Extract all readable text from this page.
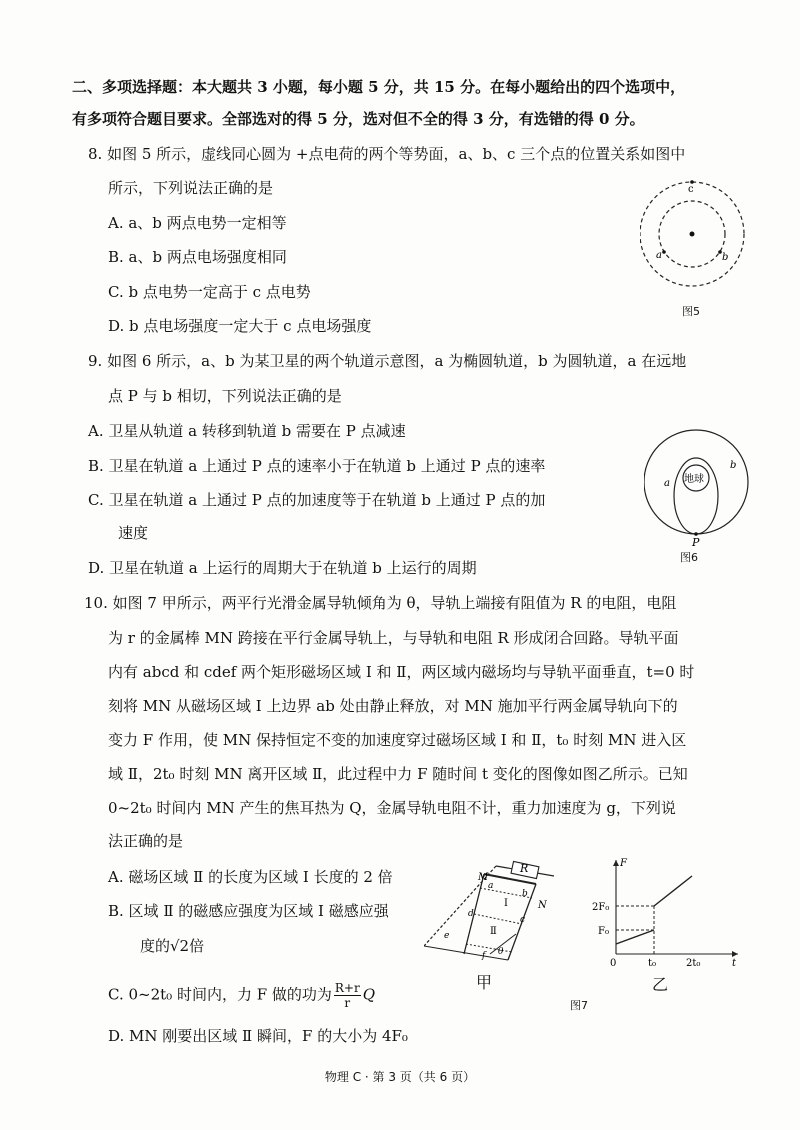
二、多项选择题：本大题共 3 小题，每小题 5 分，共 15 分。在每小题给出的四个选项中，
有多项符合题目要求。全部选对的得 5 分，选对但不全的得 3 分，有选错的得 0 分。
8. 如图 5 所示，虚线同心圆为 +点电荷的两个等势面，a、b、c 三个点的位置关系如图中
所示，下列说法正确的是
A. a、b 两点电势一定相等
B. a、b 两点电场强度相同
C. b 点电势一定高于 c 点电势
D. b 点电场强度一定大于 c 点电场强度
c
a	b
图5
9. 如图 6 所示，a、b 为某卫星的两个轨道示意图，a 为椭圆轨道，b 为圆轨道，a 在远地
点 P 与 b 相切，下列说法正确的是
A. 卫星从轨道 a 转移到轨道 b 需要在 P 点减速
B. 卫星在轨道 a 上通过 P 点的速率小于在轨道 b 上通过 P 点的速率
C. 卫星在轨道 a 上通过 P 点的加速度等于在轨道 b 上通过 P 点的加
速度
D. 卫星在轨道 a 上运行的周期大于在轨道 b 上运行的周期
地球
a
b
P
图6
10. 如图 7 甲所示，两平行光滑金属导轨倾角为 θ，导轨上端接有阻值为 R 的电阻，电阻
为 r 的金属棒 MN 跨接在平行金属导轨上，与导轨和电阻 R 形成闭合回路。导轨平面
内有 abcd 和 cdef 两个矩形磁场区域 Ⅰ 和 Ⅱ，两区域内磁场均与导轨平面垂直，t=0 时
刻将 MN 从磁场区域 Ⅰ 上边界 ab 处由静止释放，对 MN 施加平行两金属导轨向下的
变力 F 作用，使 MN 保持恒定不变的加速度穿过磁场区域 Ⅰ 和 Ⅱ，t₀ 时刻 MN 进入区
域 Ⅱ，2t₀ 时刻 MN 离开区域 Ⅱ，此过程中力 F 随时间 t 变化的图像如图乙所示。已知
0~2t₀ 时间内 MN 产生的焦耳热为 Q，金属导轨电阻不计，重力加速度为 g，下列说
法正确的是
A. 磁场区域 Ⅱ 的长度为区域 Ⅰ 长度的 2 倍
B. 区域 Ⅱ 的磁感应强度为区域 Ⅰ 磁感应强
度的√2倍
C. 0~2t₀ 时间内，力 F 做的功为 $\frac{R+r}{r}$ Q
D. MN 刚要出区域 Ⅱ 瞬间，F 的大小为 4F₀
R
M
N
a
b
c
d
e
f
Ⅰ
Ⅱ
θ
甲
F
2F₀
F₀
0	t₀	2t₀	t
乙
图7
物理 C · 第 3 页（共 6 页）
